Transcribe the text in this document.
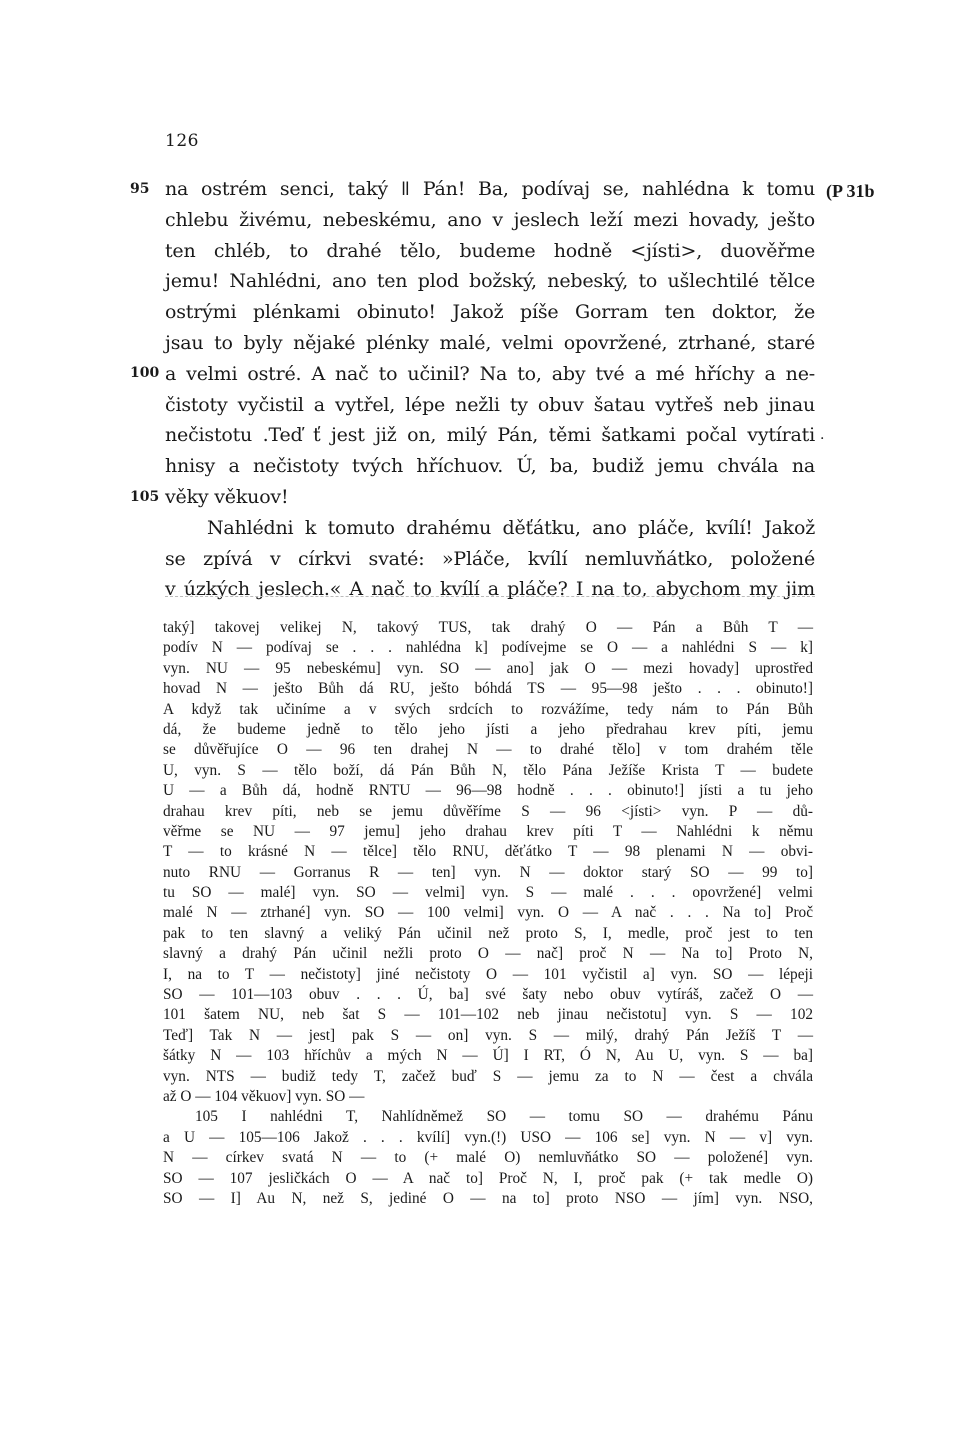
126
(P 31b
·
na ostrém senci, taký ǁ Pán! Ba, podívaj se, nahlédna k tomu
chlebu živému, nebeskému, ano v jeslech leží mezi hovady, ješto
ten chléb, to drahé tělo, budeme hodně <jísti>, duověřme
jemu! Nahlédni, ano ten plod božský, nebeský, to ušlechtilé tělce
ostrými plénkami obinuto! Jakož píše Gorram ten doktor, že
jsau to byly nějaké plénky malé, velmi opovržené, ztrhané, staré
a velmi ostré. A nač to učinil? Na to, aby tvé a mé hříchy a ne-
čistoty vyčistil a vytřel, lépe nežli ty obuv šatau vytřeš neb jinau
nečistotu .Teď ť jest již on, milý Pán, těmi šatkami počal vytírati
hnisy a nečistoty tvých hříchuov. Ú, ba, budiž jemu chvála na
věky věkuov!
Nahlédni k tomuto drahému děťátku, ano pláče, kvílí! Jakož
se zpívá v církvi svaté: »Pláče, kvílí nemluvňátko, položené
v úzkých jeslech.« A nač to kvílí a pláče? I na to, abychom my jim
95
100
105
taký] takovej velikej N, takový TUS, tak drahý O — Pán a Bůh T —
podív N — podívaj se . . . nahlédna k] podívejme se O — a nahlédni S — k]
vyn. NU — 95 nebeskému] vyn. SO — ano] jak O — mezi hovady] uprostřed
hovad N — ješto Bůh dá RU, ješto bóhdá TS — 95—98 ješto . . . obinuto!]
A když tak učiníme a v svých srdcích to rozvážíme, tedy nám to Pán Bůh
dá, že budeme jedně to tělo jeho jísti a jeho předrahau krev píti, jemu
se důvěřujíce O — 96 ten drahej N — to drahé tělo] v tom drahém těle
U, vyn. S — tělo boží, dá Pán Bůh N, tělo Pána Ježíše Krista T — budete
U — a Bůh dá, hodně RNTU — 96—98 hodně . . . obinuto!] jísti a tu jeho
drahau krev píti, neb se jemu důvěříme S — 96 <jísti> vyn. P — dů-
věřme se NU — 97 jemu] jeho drahau krev píti T — Nahlédni k němu
T — to krásné N — tělce] tělo RNU, děťátko T — 98 plenami N — obvi-
nuto RNU — Gorranus R — ten] vyn. N — doktor starý SO — 99 to]
tu SO — malé] vyn. SO — velmi] vyn. S — malé . . . opovržené] velmi
malé N — ztrhané] vyn. SO — 100 velmi] vyn. O — A nač . . . Na to] Proč
pak to ten slavný a veliký Pán učinil než proto S, I, medle, proč jest to ten
slavný a drahý Pán učinil nežli proto O — nač] proč N — Na to] Proto N,
I, na to T — nečistoty] jiné nečistoty O — 101 vyčistil a] vyn. SO — lépeji
SO — 101—103 obuv . . . Ú, ba] své šaty nebo obuv vytíráš, začež O —
101 šatem NU, neb šat S — 101—102 neb jinau nečistotu] vyn. S — 102
Teď] Tak N — jest] pak S — on] vyn. S — milý, drahý Pán Ježíš T —
šátky N — 103 hříchův a mých N — Ú] I RT, Ó N, Au U, vyn. S — ba]
vyn. NTS — budiž tedy T, začež buď S — jemu za to N — čest a chvála
až O — 104 věkuov] vyn. SO —
105 I nahlédni T, Nahlídněmež SO — tomu SO — drahému Pánu
a U — 105—106 Jakož . . . kvílí] vyn.(!) USO — 106 se] vyn. N — v] vyn.
N — církev svatá N — to (+ malé O) nemluvňátko SO — položené] vyn.
SO — 107 jesličkách O — A nač to] Proč N, I, proč pak (+ tak medle O)
SO — I] Au N, než S, jediné O — na to] proto NSO — jím] vyn. NSO,
